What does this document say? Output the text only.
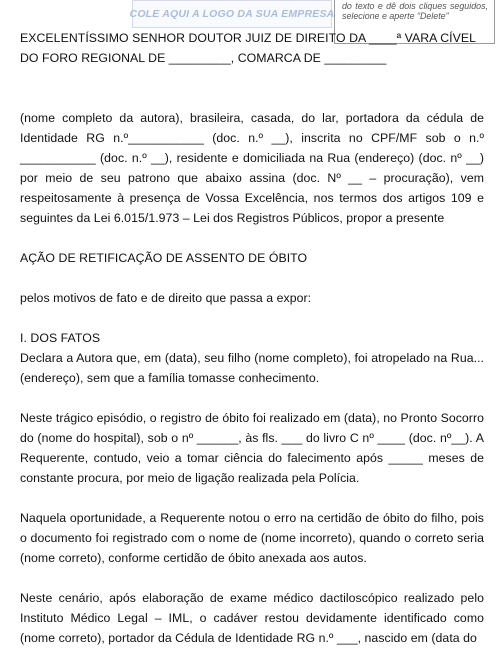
COLE AQUI A LOGO DA SUA EMPRESA
do texto e dê dois cliques seguidos, selecione e aperte “Delete”

EXCELENTÍSSIMO SENHOR DOUTOR JUIZ DE DIREITO DA ____ª VARA CÍVEL

DO FORO REGIONAL DE _________, COMARCA DE _________

(nome completo da autora), brasileira, casada, do lar, portadora da cédula de Identidade RG n.º___________ (doc. n.º __), inscrita no CPF/MF sob o n.º ___________ (doc. n.º __), residente e domiciliada na Rua (endereço) (doc. nº __) por meio de seu patrono que abaixo assina (doc. Nº __ – procuração), vem respeitosamente à presença de Vossa Excelência, nos termos dos artigos 109 e seguintes da Lei 6.015/1.973 – Lei dos Registros Públicos, propor a presente

AÇÃO DE RETIFICAÇÃO DE ASSENTO DE ÓBITO

pelos motivos de fato e de direito que passa a expor:

I. DOS FATOS

Declara a Autora que, em (data), seu filho (nome completo), foi atropelado na Rua... (endereço), sem que a família tomasse conhecimento.

Neste trágico episódio, o registro de óbito foi realizado em (data), no Pronto Socorro do (nome do hospital), sob o nº ______, às fls. ___ do livro C nº ____ (doc. nº__). A Requerente, contudo, veio a tomar ciência do falecimento após _____ meses de constante procura, por meio de ligação realizada pela Polícia.

Naquela oportunidade, a Requerente notou o erro na certidão de óbito do filho, pois o documento foi registrado com o nome de (nome incorreto), quando o correto seria (nome correto), conforme certidão de óbito anexada aos autos.

Neste cenário, após elaboração de exame médico dactiloscópico realizado pelo Instituto Médico Legal – IML, o cadáver restou devidamente identificado como (nome correto), portador da Cédula de Identidade RG n.º ___, nascido em (data do
